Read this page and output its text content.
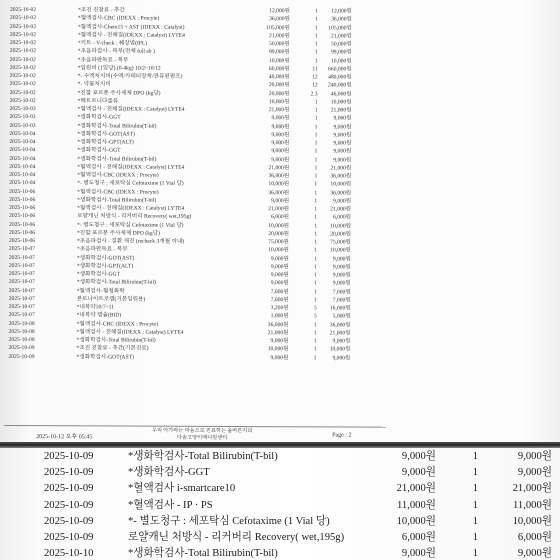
2025-10-02	*조진 진찰료 - 추간	12,000원	1	12,000원
2025-10-02	*혈액검사-CBC (IDEXX : Procyte)	36,000원	1	36,000원
2025-10-02	*혈액검사-Chem15 + AST (IDEXX : Catalyst)	105,000원	1	105,000원
2025-10-02	*혈액검사 - 전해질(IDEXX : Catalyst) LYTE4	21,000원	1	21,000원
2025-10-02	*키트 - V-check : 췌장염(fPL)	50,000원	1	50,000원
2025-10-02	*초음파검사 - 복부(전체 full ab )	99,000원	1	99,000원
2025-10-02	*초음파판독료 - 복부	10,000원	1	10,000원
2025-10-02	*입원비 (1일당) (0-4kg) 10/2~10/12	60,000원	11	660,000원
2025-10-02	*- 수액처치비(수액/카테터장착/관류펀펌프)	40,000원	12	480,000원
2025-10-02	*- 약물처치비	20,000원	12	240,000원
2025-10-02	*진할 포르푼 주사제제 DPO (kg당)	20,000원	2.3	46,000원
2025-10-02	*메트로니다졸류	10,000원	1	10,000원
2025-10-03	*혈액검사 - 전해질(IDEXX : Catalyst) LYTE4	21,000원	1	21,000원
2025-10-03	*생화학검사-GGT	9,000원	1	9,000원
2025-10-03	*생화학검사-Total Bilirubin(T-bil)	9,000원	1	9,000원
2025-10-04	*생화학검사-GOT(AST)	9,000원	1	9,000원
2025-10-04	*생화학검사-GPT(ALT)	9,000원	1	9,000원
2025-10-04	*생화학검사-GGT	9,000원	1	9,000원
2025-10-04	*생화학검사-Total Bilirubin(T-bil)	9,000원	1	9,000원
2025-10-04	*혈액검사 - 전해질(IDEXX : Catalyst) LYTE4	21,000원	1	21,000원
2025-10-04	*혈액검사-CBC (IDEXX : Procyte)	36,000원	1	36,000원
2025-10-04	*- 별도청구 : 세포탁심 Cefotaxime (1 Vial 당)	10,000원	1	10,000원
2025-10-06	*혈액검사-CBC (IDEXX : Procyte)	36,000원	1	36,000원
2025-10-06	*생화학검사-Total Bilirubin(T-bil)	9,000원	1	9,000원
2025-10-06	*혈액검사 - 전해질(IDEXX : Catalyst) LYTE4	21,000원	1	21,000원
2025-10-06	로얄캐닌 처방식 - 리커버리 Recovery( wet,195g)	6,000원	1	6,000원
2025-10-06	*- 별도청구 : 세포탁심 Cefotaxime (1 Vial 당)	10,000원	1	10,000원
2025-10-06	*진할 포르푼 주사제제 DPO (kg당)	20,000원	1	20,000원
2025-10-06	*초음파검사 - 질환 재진 (recheck 3개월 이내)	75,000원	1	75,000원
2025-10-07	*초음파판독료 - 복부	10,000원	1	10,000원
2025-10-07	*생화학검사-GOT(AST)	9,000원	1	9,000원
2025-10-07	*생화학검사-GPT(ALT)	9,000원	1	9,000원
2025-10-07	*생화학검사-GGT	9,000원	1	9,000원
2025-10-07	*생화학검사-Total Bilirubin(T-bil)	9,000원	1	9,000원
2025-10-07	*혈액검사-혈청화학	7,000원	1	7,000원
2025-10-07	본토나이트로캡(기본입원용)	7,000원	1	7,000원
2025-10-07	*내복약10/7~11	3,200원	5	16,000원
2025-10-07	*내복약 캡슐(BID)	1,000원	5	5,000원
2025-10-08	*혈액검사-CBC (IDEXX : Procyte)	36,000원	1	36,000원
2025-10-08	*혈액검사 - 전해질(IDEXX : Catalyst) LYTE4	21,000원	1	21,000원
2025-10-08	*생화학검사-Total Bilirubin(T-bil)	9,000원	1	9,000원
2025-10-09	*조진 진찰료 - 추간(기본진료)	10,000원	1	10,000원
2025-10-09	*생화학검사-GOT(AST)	9,000원	1	9,000원
2025-10-12 오후 05:45
우리 아가라는 마음으로 진료하는 올바른지의
다솜고양이메디컬센터	Page : 2
2025-10-09	*생화학검사-Total Bilirubin(T-bil)	9,000원	1	9,000원
2025-10-09	*생화학검사-GGT	9,000원	1	9,000원
2025-10-09	*혈액검사 i-smartcare10	21,000원	1	21,000원
2025-10-09	*혈액검사 - IP · PS	11,000원	1	11,000원
2025-10-09	*- 별도청구 : 세포탁심 Cefotaxime (1 Vial 당)	10,000원	1	10,000원
2025-10-09	로얄캐닌 처방식 - 리커버리 Recovery( wet,195g)	6,000원	1	6,000원
2025-10-10	*생화학검사-Total Bilirubin(T-bil)	9,000원	1	9,000원
